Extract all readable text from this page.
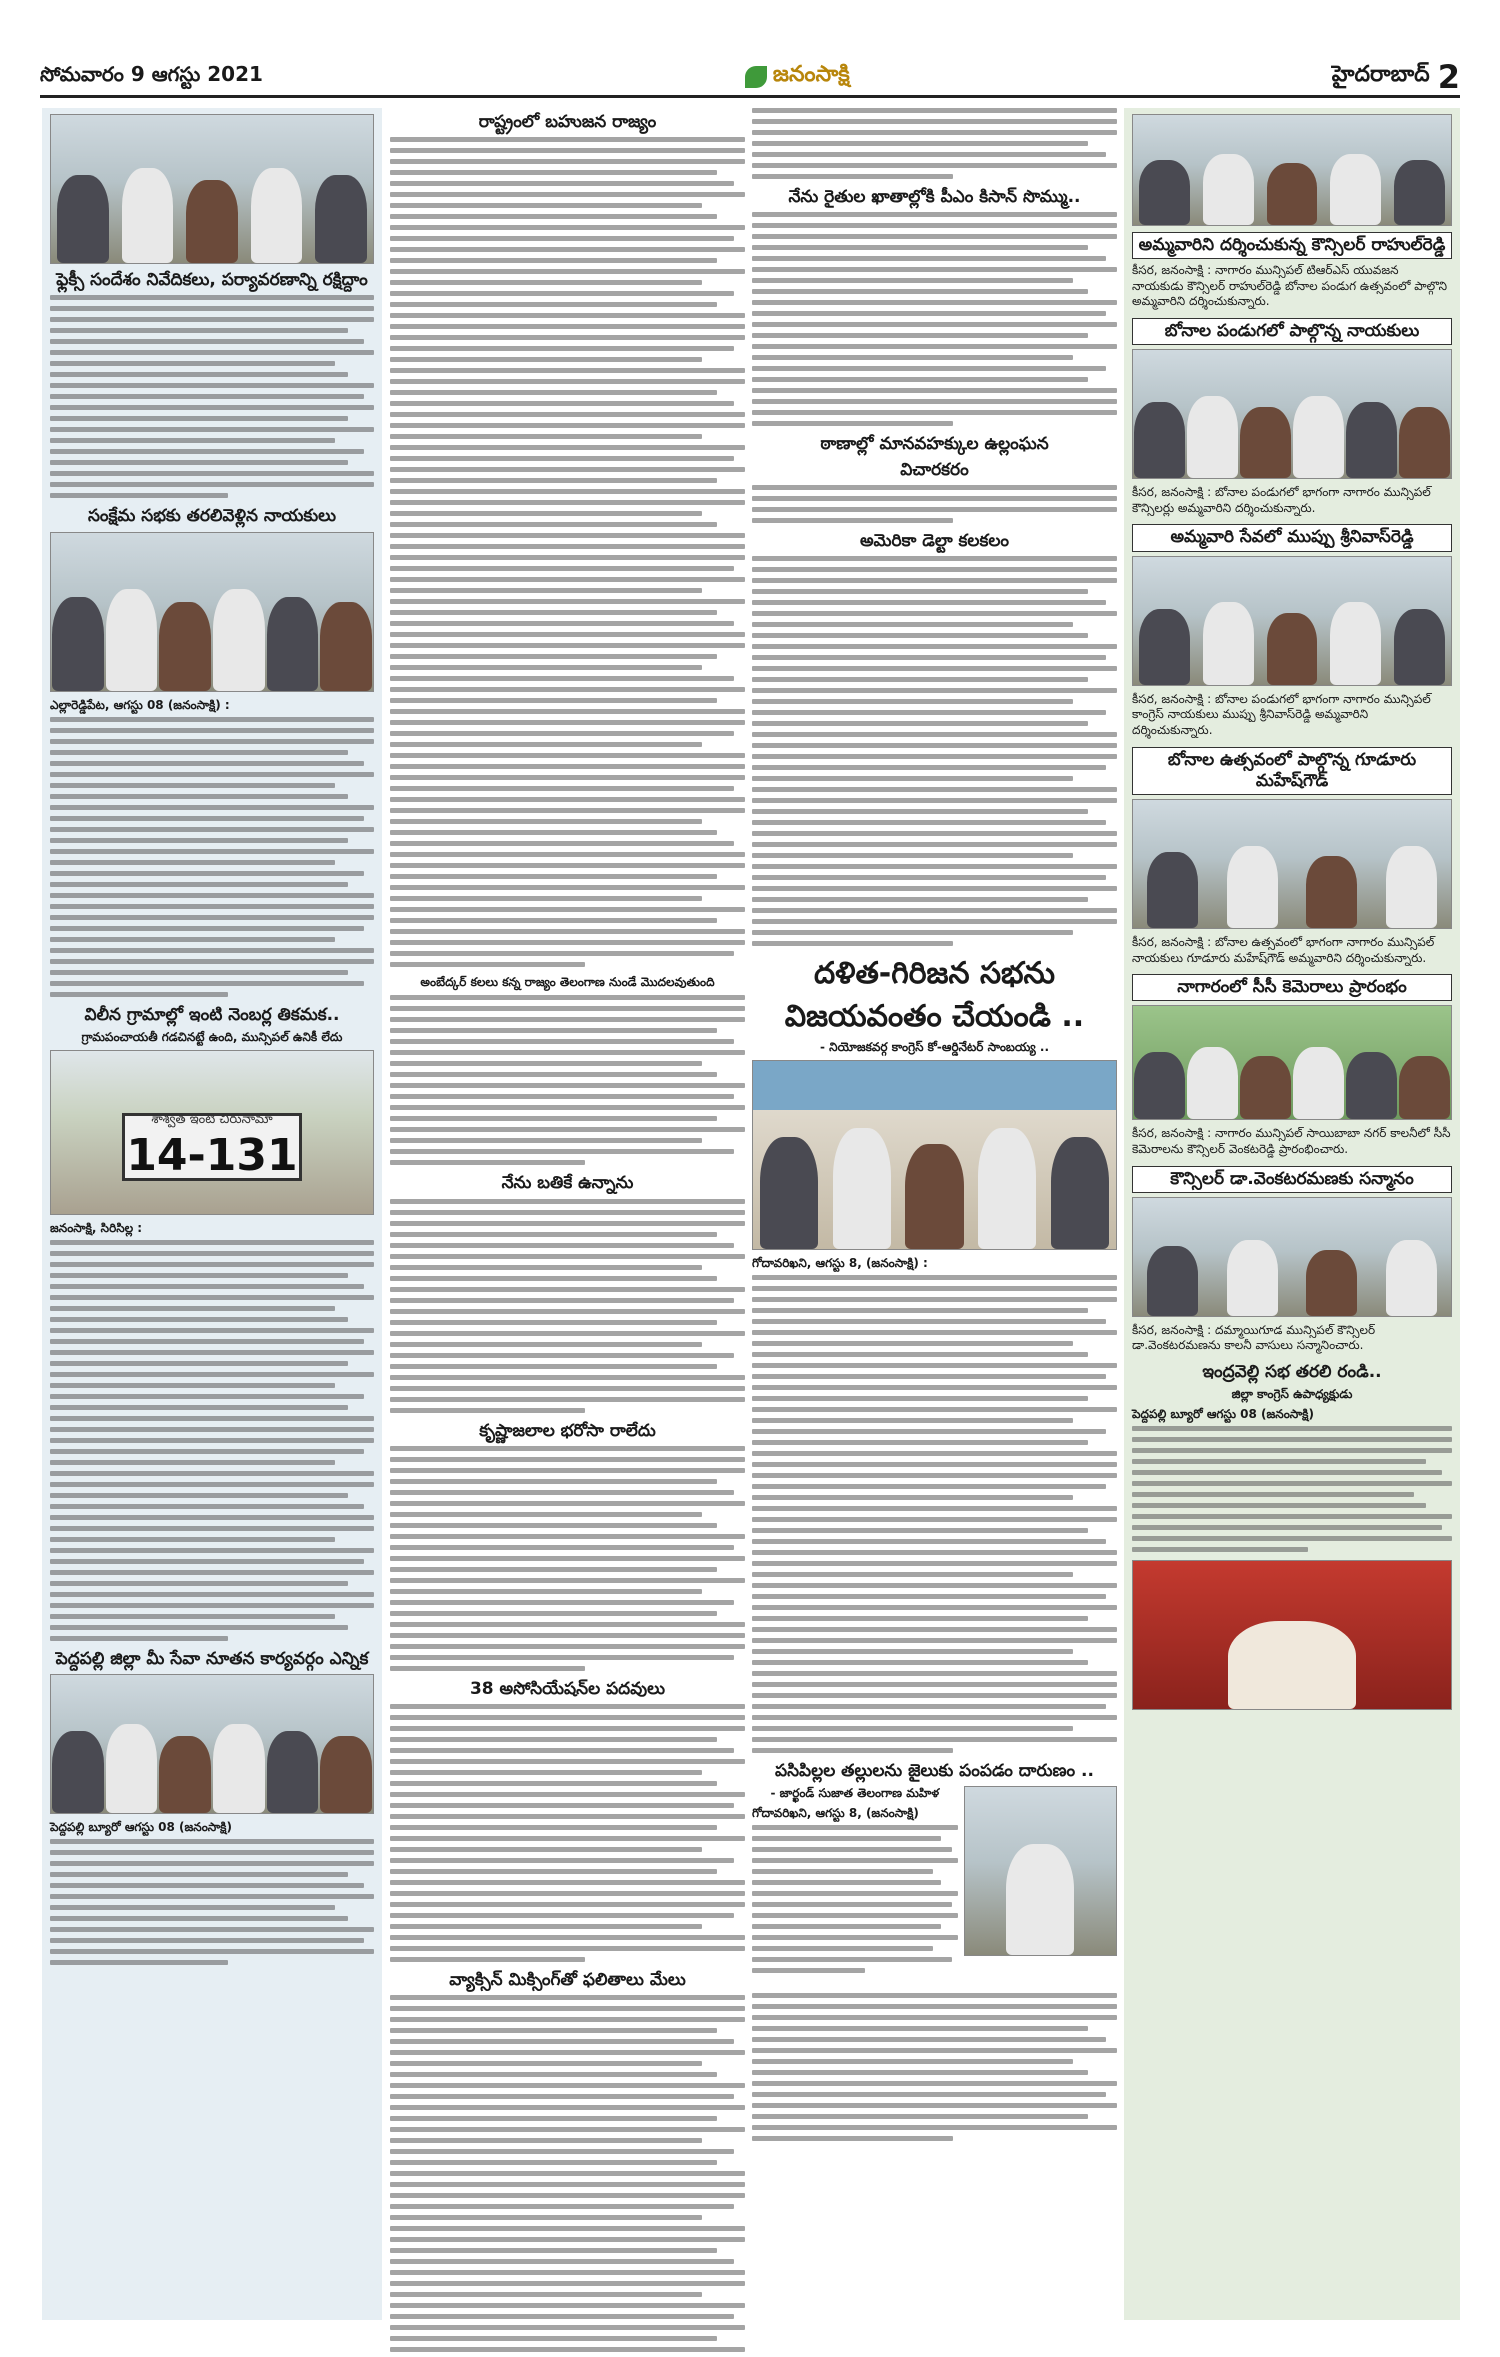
సోమవారం 9 ఆగస్టు 2021	జనంసాక్షి	హైదరాబాద్ 2
ఫ్లెక్సీ సందేశం నివేదికలు, పర్యావరణాన్ని రక్షిద్దాం
సంక్షేమ సభకు తరలివెళ్లిన నాయకులు
ఎల్లారెడ్డిపేట, ఆగస్టు 08 (జనంసాక్షి) :
విలీన గ్రామాల్లో ఇంటి నెంబర్ల తికమక..
గ్రామపంచాయతీ గడచినట్టే ఉంది, మున్సిపల్ ఉనికీ లేదు
శాశ్వత ఇంటి చిరునామా
14-131
జనంసాక్షి, సిరిసిల్ల :
పెద్దపల్లి జిల్లా మీ సేవా నూతన కార్యవర్గం ఎన్నిక
పెద్దపల్లి బ్యూరో ఆగస్టు 08 (జనంసాక్షి)
రాష్ట్రంలో బహుజన రాజ్యం
అంబేద్కర్ కలలు కన్న రాజ్యం తెలంగాణ నుండే మొదలవుతుంది
నేను బతికే ఉన్నాను
కృష్ణాజలాల భరోసా రాలేదు
38 అసోసియేషన్‌ల పదవులు
వ్యాక్సిన్ మిక్సింగ్‌తో ఫలితాలు మేలు
నేను రైతుల ఖాతాల్లోకి పీఎం కిసాన్ సొమ్ము..
ఠాణాల్లో మానవహక్కుల ఉల్లంఘన
విచారకరం
అమెరికా డెల్టా కలకలం
దళిత-గిరిజన సభను
విజయవంతం చేయండి ..
- నియోజకవర్గ కాంగ్రెస్ కో-ఆర్డినేటర్ సాంబయ్య ..
గోదావరిఖని, ఆగస్టు 8, (జనంసాక్షి) :
పసిపిల్లల తల్లులను జైలుకు పంపడం దారుణం ..
- జార్ఖండ్ సుజాత తెలంగాణ మహిళ
గోదావరిఖని, ఆగస్టు 8, (జనంసాక్షి)
అమ్మవారిని దర్శించుకున్న కౌన్సిలర్ రాహుల్‌రెడ్డి
కీసర, జనంసాక్షి : నాగారం మున్సిపల్ టిఆర్ఎస్ యువజన నాయకుడు కౌన్సిలర్ రాహుల్‌రెడ్డి బోనాల పండుగ ఉత్సవంలో పాల్గొని అమ్మవారిని దర్శించుకున్నారు.
బోనాల పండుగలో పాల్గొన్న నాయకులు
కీసర, జనంసాక్షి : బోనాల పండుగలో భాగంగా నాగారం మున్సిపల్ కౌన్సిలర్లు అమ్మవారిని దర్శించుకున్నారు.
అమ్మవారి సేవలో ముప్పు శ్రీనివాస్‌రెడ్డి
కీసర, జనంసాక్షి : బోనాల పండుగలో భాగంగా నాగారం మున్సిపల్ కాంగ్రెస్ నాయకులు ముప్పు శ్రీనివాస్‌రెడ్డి అమ్మవారిని దర్శించుకున్నారు.
బోనాల ఉత్సవంలో పాల్గొన్న గూడూరు మహేష్‌గౌడ్
కీసర, జనంసాక్షి : బోనాల ఉత్సవంలో భాగంగా నాగారం మున్సిపల్ నాయకులు గూడూరు మహేష్‌గౌడ్ అమ్మవారిని దర్శించుకున్నారు.
నాగారంలో సీసీ కెమెరాలు ప్రారంభం
కీసర, జనంసాక్షి : నాగారం మున్సిపల్ సాయిబాబా నగర్ కాలనీలో సీసీ కెమెరాలను కౌన్సిలర్ వెంకటరెడ్డి ప్రారంభించారు.
కౌన్సిలర్ డా.వెంకటరమణకు సన్మానం
కీసర, జనంసాక్షి : దమ్మాయిగూడ మున్సిపల్ కౌన్సిలర్ డా.వెంకటరమణను కాలనీ వాసులు సన్మానించారు.
ఇంద్రవెల్లి సభ తరలి రండి..
జిల్లా కాంగ్రెస్ ఉపాధ్యక్షుడు
పెద్దపల్లి బ్యూరో ఆగస్టు 08 (జనంసాక్షి)
